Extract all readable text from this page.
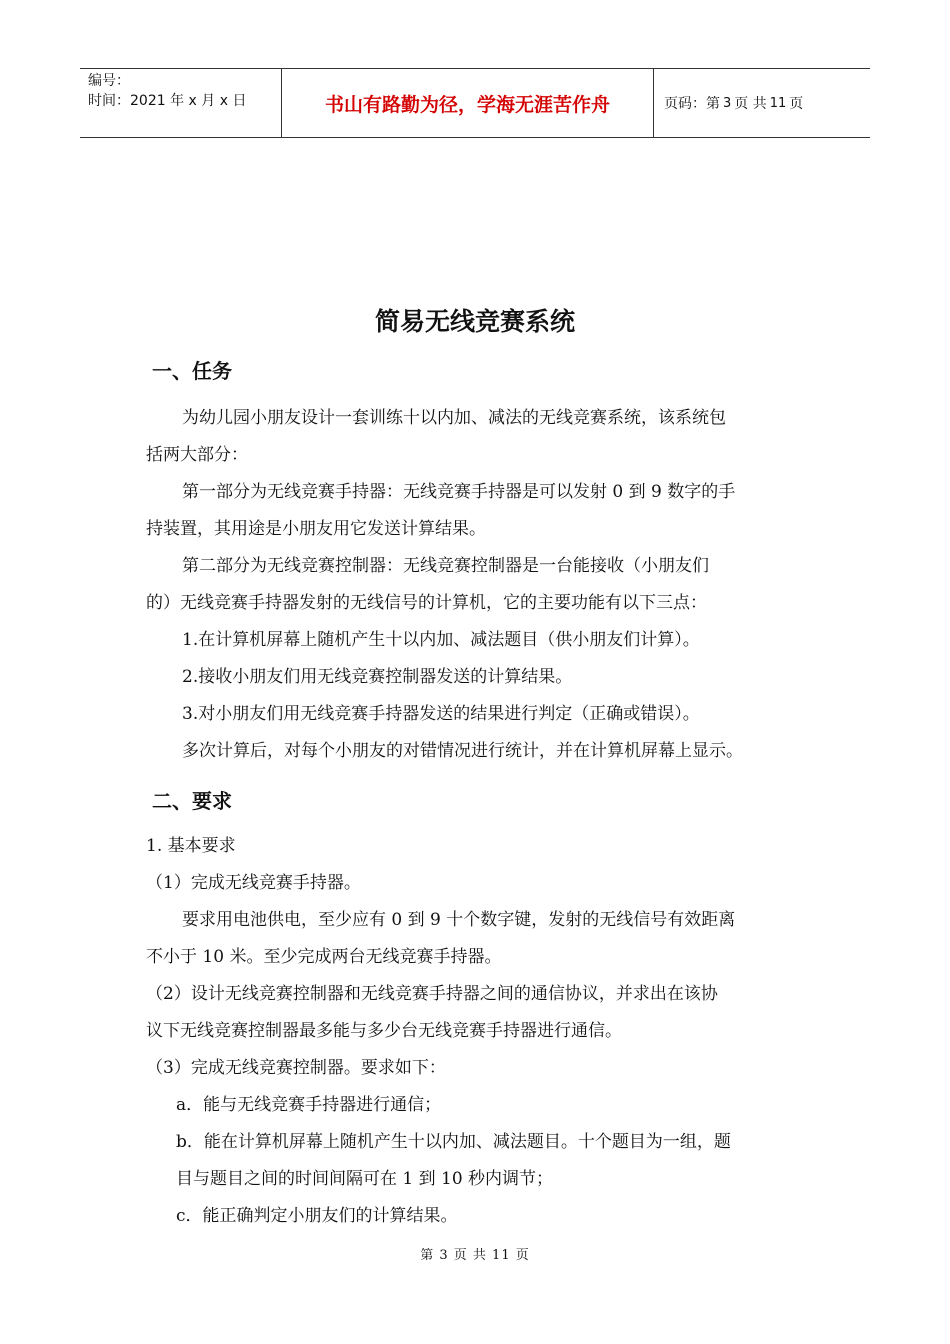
编号：
时间：2021 年 x 月 x 日	书山有路勤为径，学海无涯苦作舟	页码：第 3 页 共 11 页
简易无线竞赛系统
一、任务
为幼儿园小朋友设计一套训练十以内加、减法的无线竞赛系统，该系统包
括两大部分：
第一部分为无线竞赛手持器：无线竞赛手持器是可以发射 0 到 9 数字的手
持装置，其用途是小朋友用它发送计算结果。
第二部分为无线竞赛控制器：无线竞赛控制器是一台能接收（小朋友们
的）无线竞赛手持器发射的无线信号的计算机，它的主要功能有以下三点：
1.在计算机屏幕上随机产生十以内加、减法题目（供小朋友们计算）。
2.接收小朋友们用无线竞赛控制器发送的计算结果。
3.对小朋友们用无线竞赛手持器发送的结果进行判定（正确或错误）。
多次计算后，对每个小朋友的对错情况进行统计，并在计算机屏幕上显示。
二、要求
1. 基本要求
（1）完成无线竞赛手持器。
要求用电池供电，至少应有 0 到 9 十个数字键，发射的无线信号有效距离
不小于 10 米。至少完成两台无线竞赛手持器。
（2）设计无线竞赛控制器和无线竞赛手持器之间的通信协议，并求出在该协
议下无线竞赛控制器最多能与多少台无线竞赛手持器进行通信。
（3）完成无线竞赛控制器。要求如下：
a．能与无线竞赛手持器进行通信；
b．能在计算机屏幕上随机产生十以内加、减法题目。十个题目为一组，题
目与题目之间的时间间隔可在 1 到 10 秒内调节；
c．能正确判定小朋友们的计算结果。
第 3 页 共 11 页
